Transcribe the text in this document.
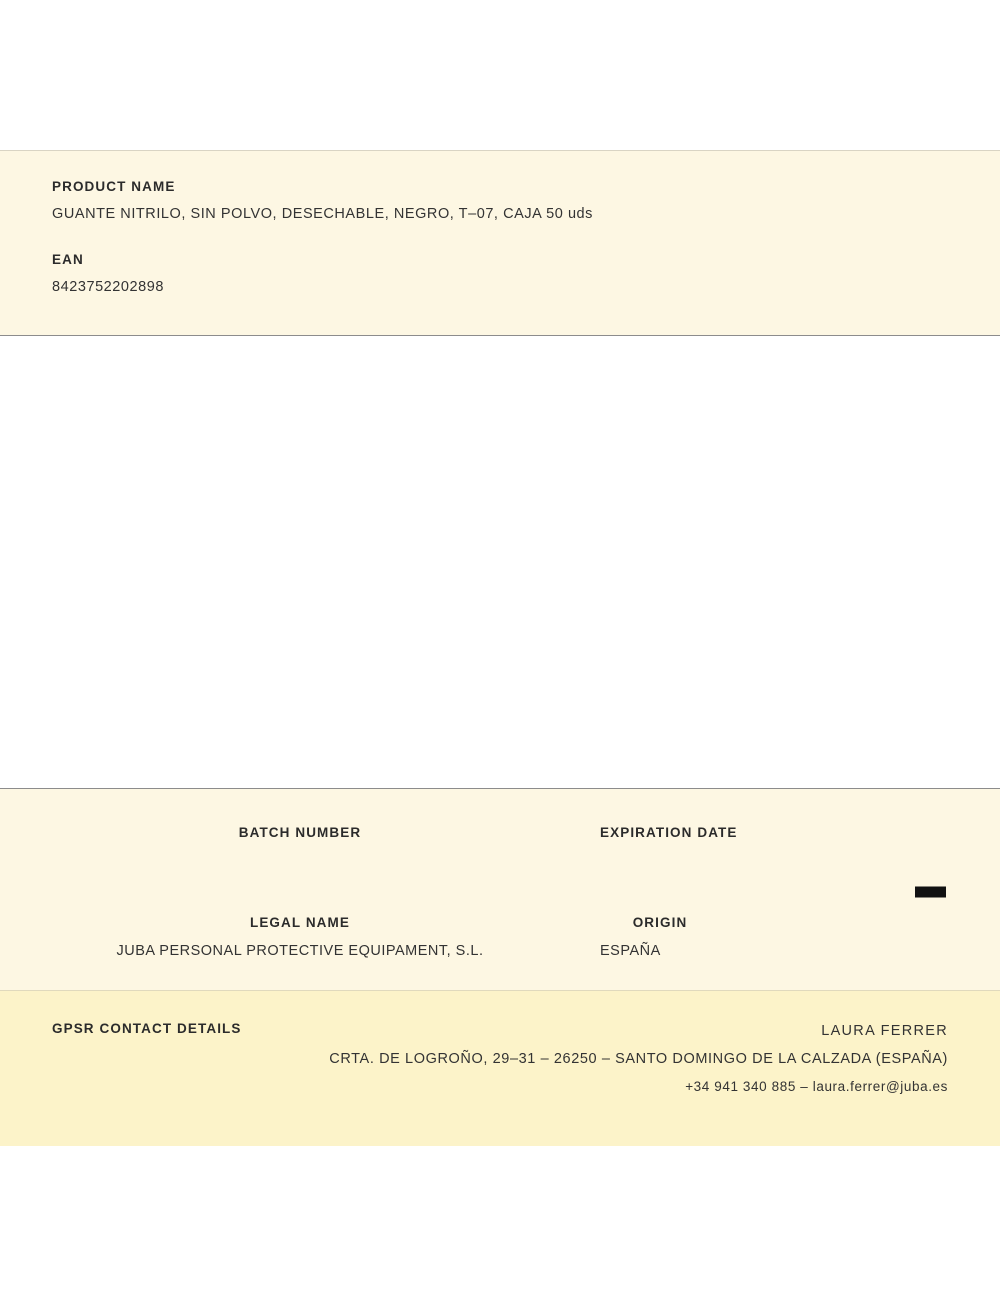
PRODUCT NAME

GUANTE NITRILO, SIN POLVO, DESECHABLE, NEGRO, T–07, CAJA 50 uds

EAN

8423752202898

BATCH NUMBER	EXPIRATION DATE

LEGAL NAME

JUBA PERSONAL PROTECTIVE EQUIPAMENT, S.L.

ORIGIN

ESPAÑA

GPSR CONTACT DETAILS	LAURA FERRER

CRTA. DE LOGROÑO, 29–31 – 26250 – SANTO DOMINGO DE LA CALZADA (ESPAÑA)

+34 941 340 885 – laura.ferrer@juba.es
